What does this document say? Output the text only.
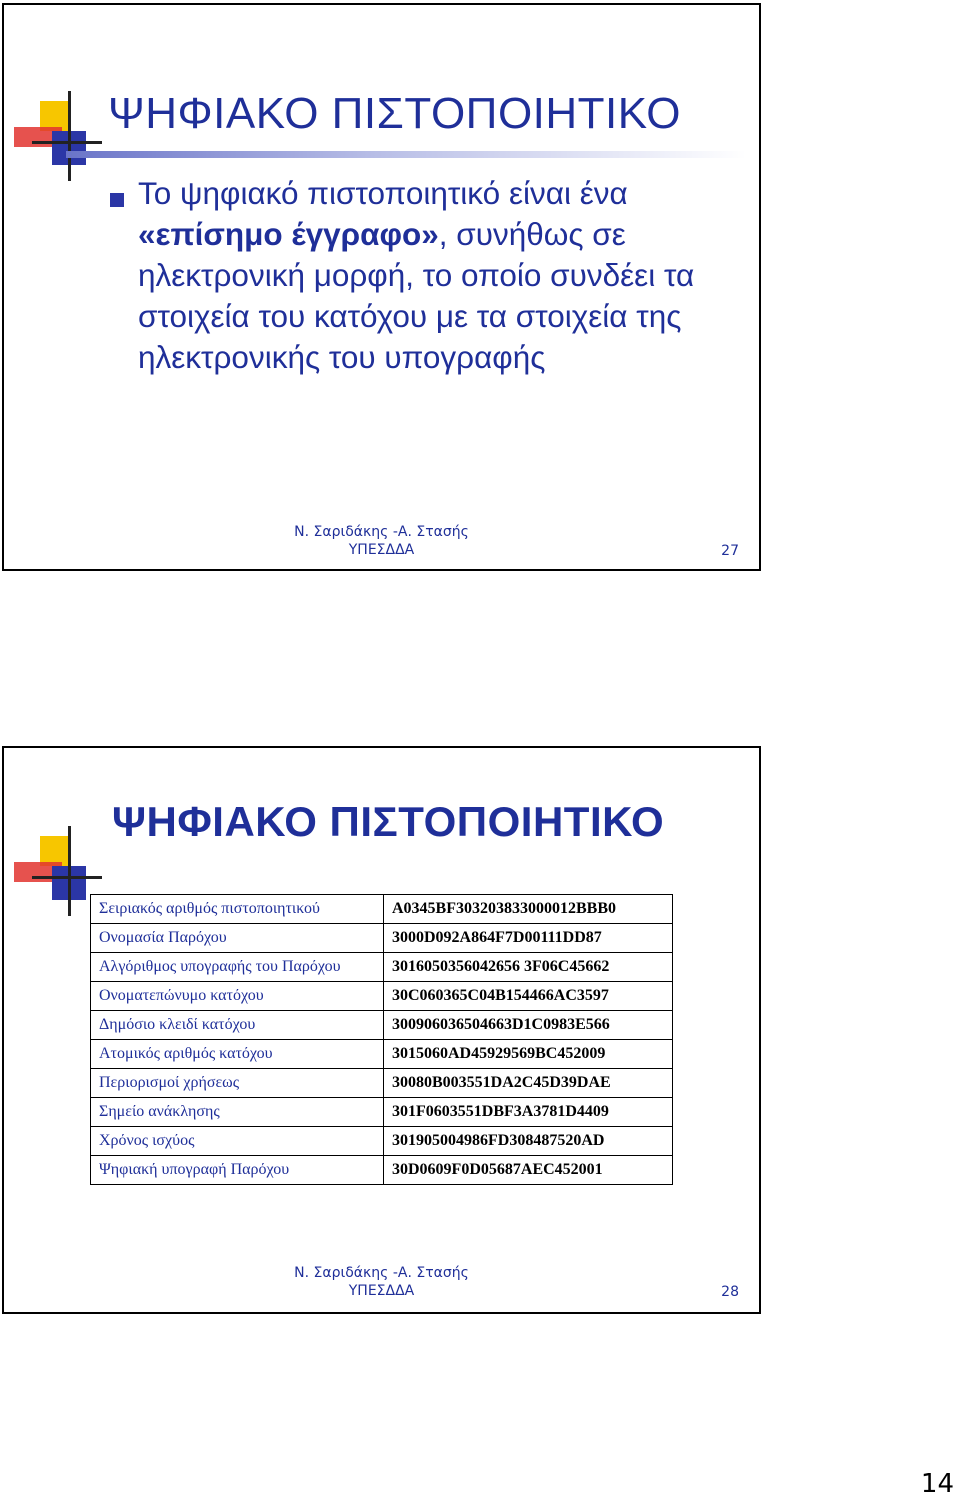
ΨΗΦΙΑΚΟ ΠΙΣΤΟΠΟΙΗΤΙΚΟ
Το ψηφιακό πιστοποιητικό είναι ένα «επίσημο έγγραφο», συνήθως σε ηλεκτρονική μορφή, το οποίο συνδέει τα στοιχεία του κατόχου με τα στοιχεία της ηλεκτρονικής του υπογραφής
Ν. Σαριδάκης -Α. Στασής
ΥΠΕΣΔΔΑ	27
ΨΗΦΙΑΚΟ ΠΙΣΤΟΠΟΙΗΤΙΚΟ
Σειριακός αριθμός πιστοποιητικού	A0345BF303203833000012BBB0
Ονομασία Παρόχου	3000D092A864F7D00111DD87
Αλγόριθμος υπογραφής του Παρόχου	3016050356042656 3F06C45662
Ονοματεπώνυμο κατόχου	30C060365C04B154466AC3597
Δημόσιο κλειδί κατόχου	300906036504663D1C0983E566
Ατομικός αριθμός κατόχου	3015060AD45929569BC452009
Περιορισμοί χρήσεως	30080B003551DA2C45D39DAE
Σημείο ανάκλησης	301F0603551DBF3A3781D4409
Χρόνος ισχύος	301905004986FD308487520AD
Ψηφιακή υπογραφή Παρόχου	30D0609F0D05687AEC452001
Ν. Σαριδάκης -Α. Στασής
ΥΠΕΣΔΔΑ	28
14
